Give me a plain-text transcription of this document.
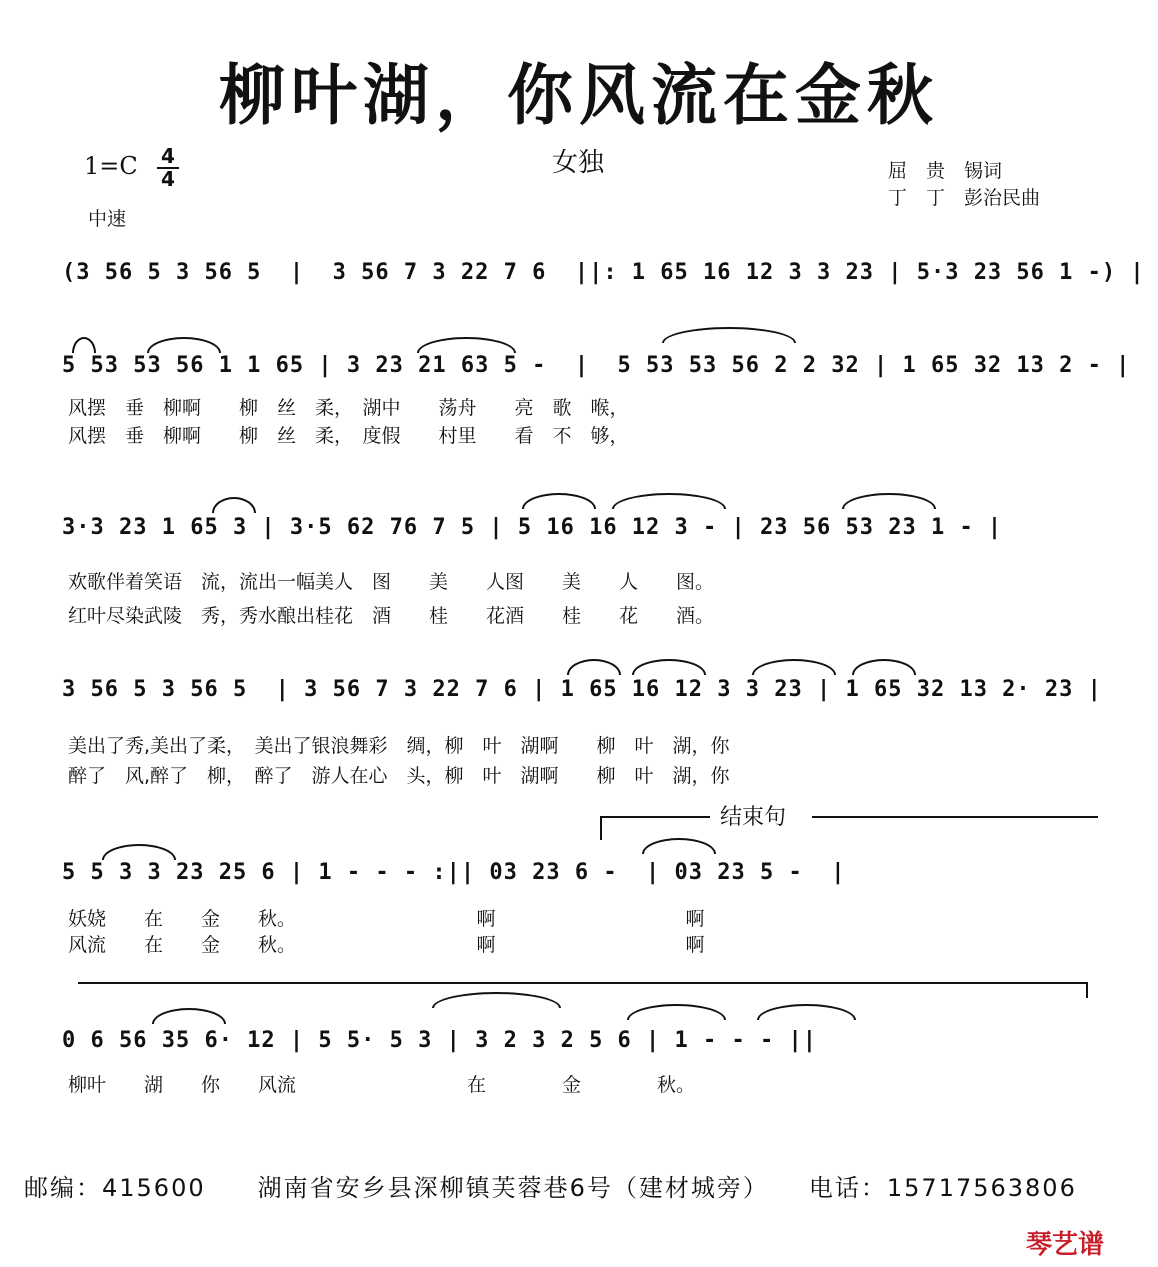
柳叶湖，你风流在金秋
$1=C \frac{4}{4}$
中速
女独	屈　贵　锡词
丁　丁　彭治民曲
(3 56 5 3 56 5  |  3 56 7 3 22 7 6  ||: 1 65 16 12 3 3 23 | 5·3 23 56 1 -) |
5 53 53 56 1 1 65 | 3 23 21 63 5 -  |  5 53 53 56 2 2 32 | 1 65 32 13 2 - |
风摆　垂　柳啊　　柳　丝　柔，　湖中　　荡舟　　亮　歌　喉，
风摆　垂　柳啊　　柳　丝　柔，　度假　　村里　　看　不　够，
3·3 23 1 65 3 | 3·5 62 76 7 5 | 5 16 16 12 3 - | 23 56 53 23 1 - |
欢歌伴着笑语　流，流出一幅美人　图　　美　　人图　　美　　人　　图。
红叶尽染武陵　秀，秀水酿出桂花　酒　　桂　　花酒　　桂　　花　　酒。
3 56 5 3 56 5  | 3 56 7 3 22 7 6 | 1 65 16 12 3 3 23 | 1 65 32 13 2· 23 |
美出了秀,美出了柔，　美出了银浪舞彩　绸，柳　叶　湖啊　　柳　叶　湖，你
醉了　风,醉了　柳，　醉了　游人在心　头，柳　叶　湖啊　　柳　叶　湖，你
结束句
5 5 3 3 23 25 6 | 1 - - - :|| 03 23 6 -  | 03 23 5 -  |
妖娆　　在　　金　　秋。　　　　　　　　　　啊　　　　　　　　　　啊
风流　　在　　金　　秋。　　　　　　　　　　啊　　　　　　　　　　啊
0 6 56 35 6· 12 | 5 5· 5 3 | 3 2 3 2 5 6 | 1 - - - ||
柳叶　　湖　　你　　风流　　　　　　　　　在　　　　金　　　　秋。
邮编：415600　　湖南省安乡县深柳镇芙蓉巷6号（建材城旁）　　电话：15717563806
琴艺谱
